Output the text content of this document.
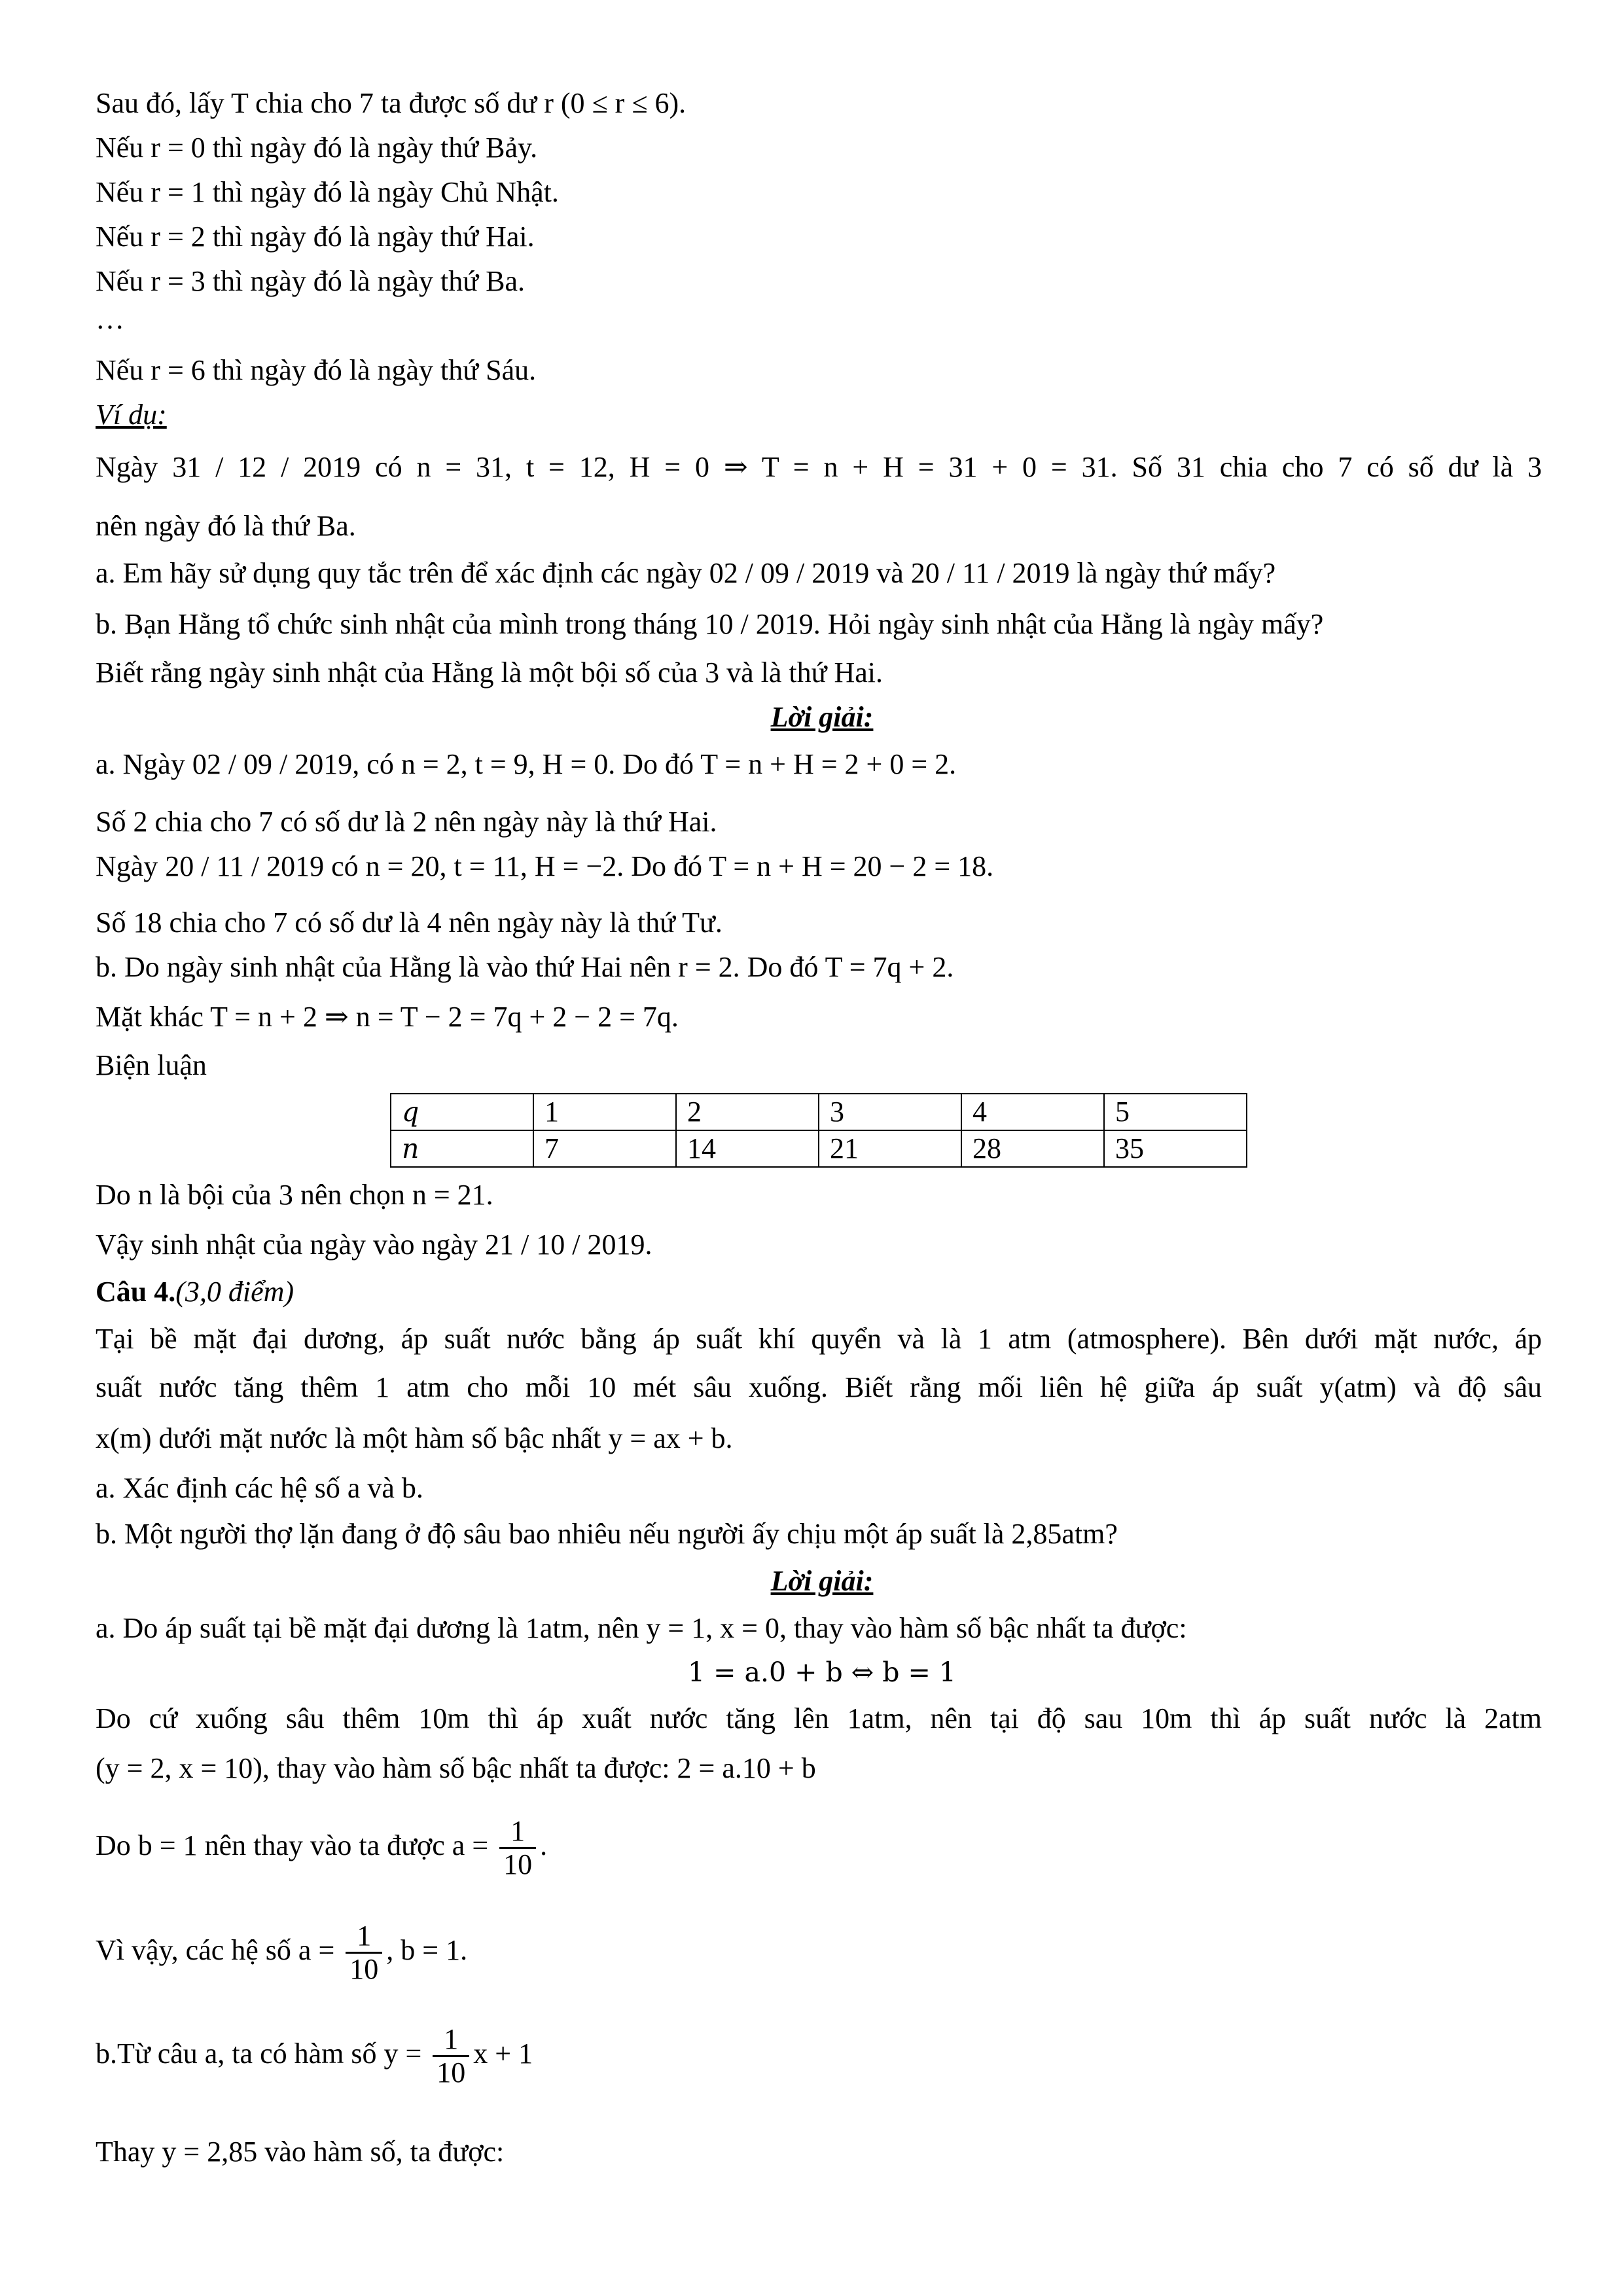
Sau đó, lấy T chia cho 7 ta được số dư r (0 ≤ r ≤ 6).
Nếu r = 0 thì ngày đó là ngày thứ Bảy.
Nếu r = 1 thì ngày đó là ngày Chủ Nhật.
Nếu r = 2 thì ngày đó là ngày thứ Hai.
Nếu r = 3 thì ngày đó là ngày thứ Ba.
…
Nếu r = 6 thì ngày đó là ngày thứ Sáu.
Ví dụ:
Ngày 31 / 12 / 2019 có n = 31, t = 12, H = 0 ⇒ T = n + H = 31 + 0 = 31. Số 31 chia cho 7 có số dư là 3
nên ngày đó là thứ Ba.
a. Em hãy sử dụng quy tắc trên để xác định các ngày 02 / 09 / 2019 và 20 / 11 / 2019 là ngày thứ mấy?
b. Bạn Hằng tổ chức sinh nhật của mình trong tháng 10 / 2019. Hỏi ngày sinh nhật của Hằng là ngày mấy?
Biết rằng ngày sinh nhật của Hằng là một bội số của 3 và là thứ Hai.
Lời giải:
a. Ngày 02 / 09 / 2019, có n = 2, t = 9, H = 0. Do đó T = n + H = 2 + 0 = 2.
Số 2 chia cho 7 có số dư là 2 nên ngày này là thứ Hai.
Ngày 20 / 11 / 2019 có n = 20, t = 11, H = −2. Do đó T = n + H = 20 − 2 = 18.
Số 18 chia cho 7 có số dư là 4 nên ngày này là thứ Tư.
b. Do ngày sinh nhật của Hằng là vào thứ Hai nên r = 2. Do đó T = 7q + 2.
Mặt khác T = n + 2 ⇒ n = T − 2 = 7q + 2 − 2 = 7q.
Biện luận
q	1	2	3	4	5
n	7	14	21	28	35
Do n là bội của 3 nên chọn n = 21.
Vậy sinh nhật của ngày vào ngày 21 / 10 / 2019.
Câu 4.(3,0 điểm)
Tại bề mặt đại dương, áp suất nước bằng áp suất khí quyển và là 1 atm (atmosphere). Bên dưới mặt nước, áp
suất nước tăng thêm 1 atm cho mỗi 10 mét sâu xuống. Biết rằng mối liên hệ giữa áp suất y(atm) và độ sâu
x(m) dưới mặt nước là một hàm số bậc nhất y = ax + b.
a. Xác định các hệ số a và b.
b. Một người thợ lặn đang ở độ sâu bao nhiêu nếu người ấy chịu một áp suất là 2,85atm?
Lời giải:
a. Do áp suất tại bề mặt đại dương là 1atm, nên y = 1, x = 0, thay vào hàm số bậc nhất ta được:
1 = a.0 + b ⇔ b = 1
Do cứ xuống sâu thêm 10m thì áp xuất nước tăng lên 1atm, nên tại độ sau 10m thì áp suất nước là 2atm
(y = 2, x = 10), thay vào hàm số bậc nhất ta được: 2 = a.10 + b
Do b = 1 nên thay vào ta được $a = \frac{1}{10}$ .
Vì vậy, các hệ số $a = \frac{1}{10}$ , b = 1.
b.Từ câu a, ta có hàm số $y = \frac{1}{10}$ x + 1
Thay y = 2,85 vào hàm số, ta được:
